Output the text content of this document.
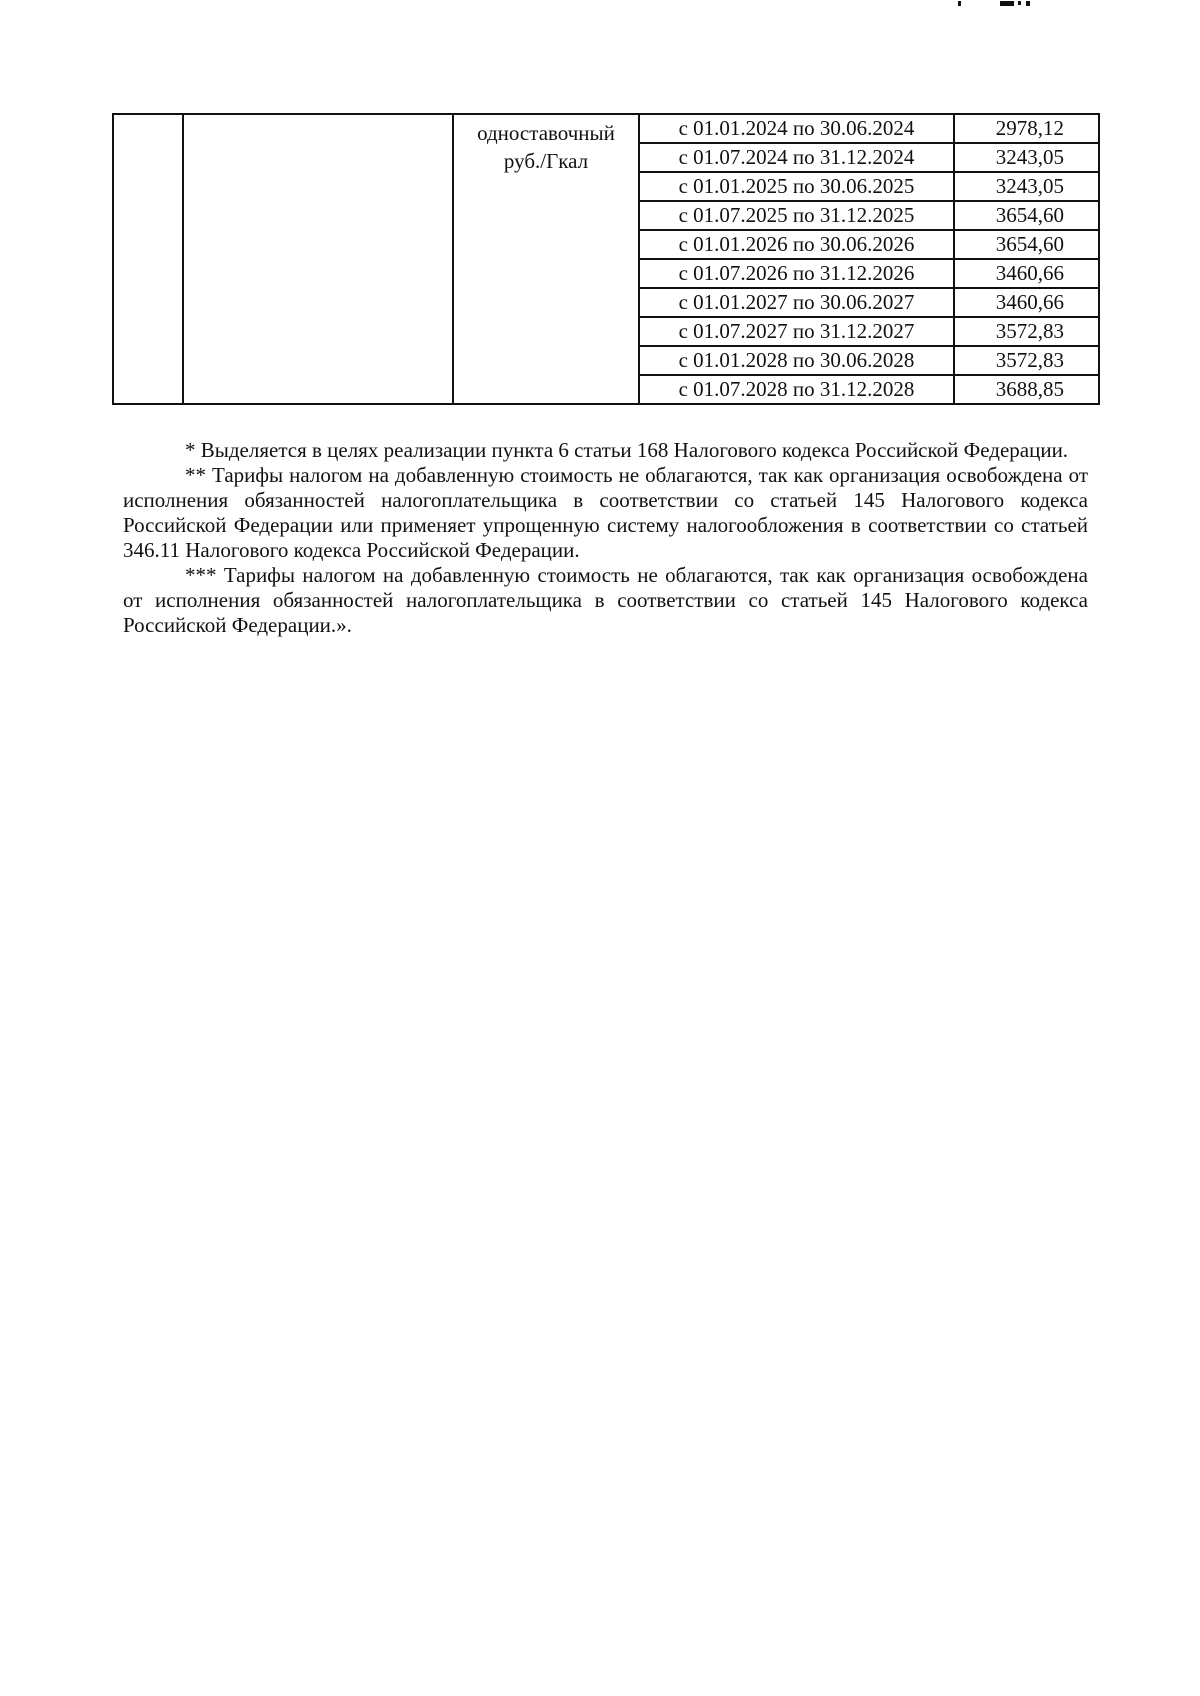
		одноставочный
руб./Гкал	с 01.01.2024 по 30.06.2024	2978,12
			с 01.07.2024 по 31.12.2024	3243,05
			с 01.01.2025 по 30.06.2025	3243,05
			с 01.07.2025 по 31.12.2025	3654,60
			с 01.01.2026 по 30.06.2026	3654,60
			с 01.07.2026 по 31.12.2026	3460,66
			с 01.01.2027 по 30.06.2027	3460,66
			с 01.07.2027 по 31.12.2027	3572,83
			с 01.01.2028 по 30.06.2028	3572,83
			с 01.07.2028 по 31.12.2028	3688,85

* Выделяется в целях реализации пункта 6 статьи 168 Налогового кодекса Российской Федерации.

** Тарифы налогом на добавленную стоимость не облагаются, так как организация освобождена от исполнения обязанностей налогоплательщика в соответствии со статьей 145 Налогового кодекса Российской Федерации или применяет упрощенную систему налогообложения в соответствии со статьей 346.11 Налогового кодекса Российской Федерации.

*** Тарифы налогом на добавленную стоимость не облагаются, так как организация освобождена от исполнения обязанностей налогоплательщика в соответствии со статьей 145 Налогового кодекса Российской Федерации.».
